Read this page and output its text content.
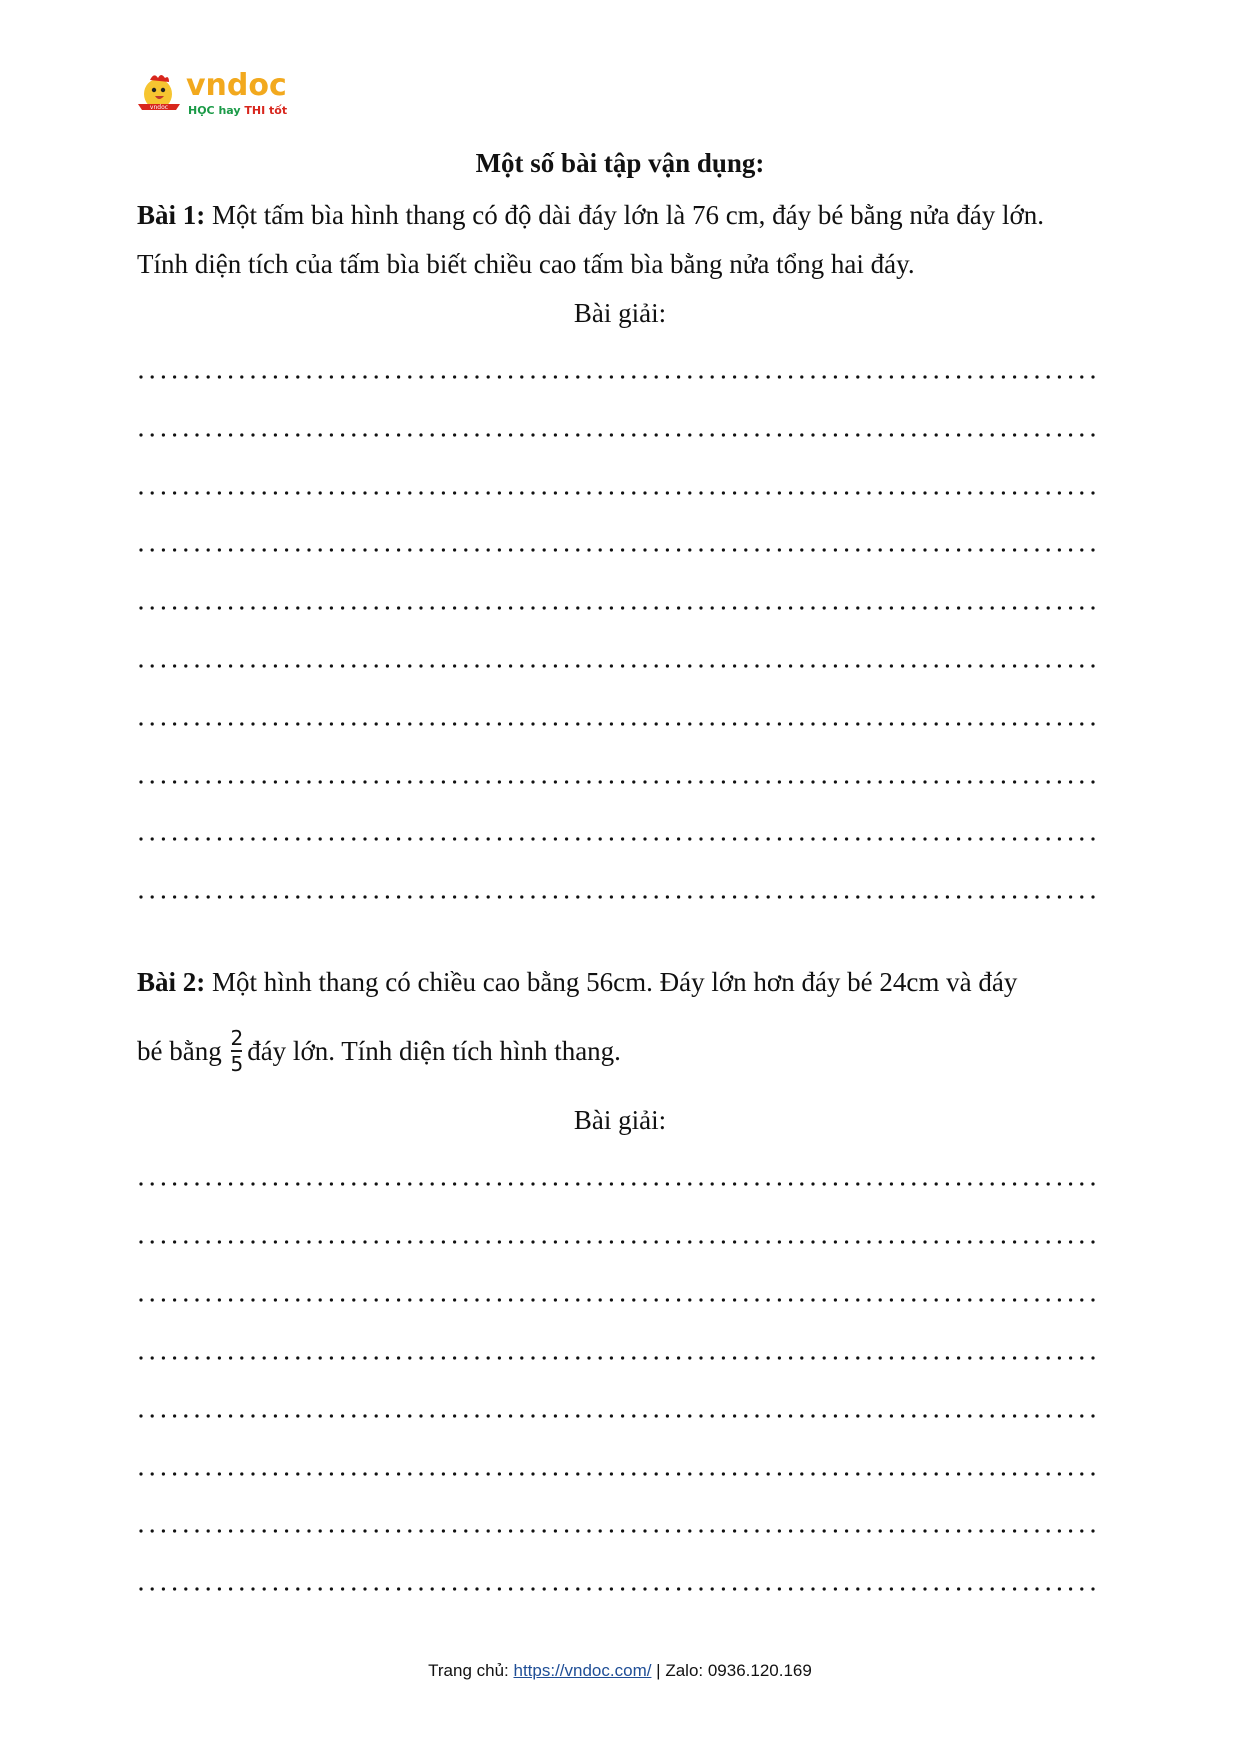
vndoc
vndoc
HỌC hay THI tốt
Một số bài tập vận dụng:
Bài 1: Một tấm bìa hình thang có độ dài đáy lớn là 76 cm, đáy bé bằng nửa đáy lớn.
Tính diện tích của tấm bìa biết chiều cao tấm bìa bằng nửa tổng hai đáy.
Bài giải:
Bài 2: Một hình thang có chiều cao bằng 56cm. Đáy lớn hơn đáy bé 24cm và đáy
bé bằng $\frac{2}{5}$ đáy lớn. Tính diện tích hình thang.
Bài giải:
Trang chủ: https://vndoc.com/ | Zalo: 0936.120.169
